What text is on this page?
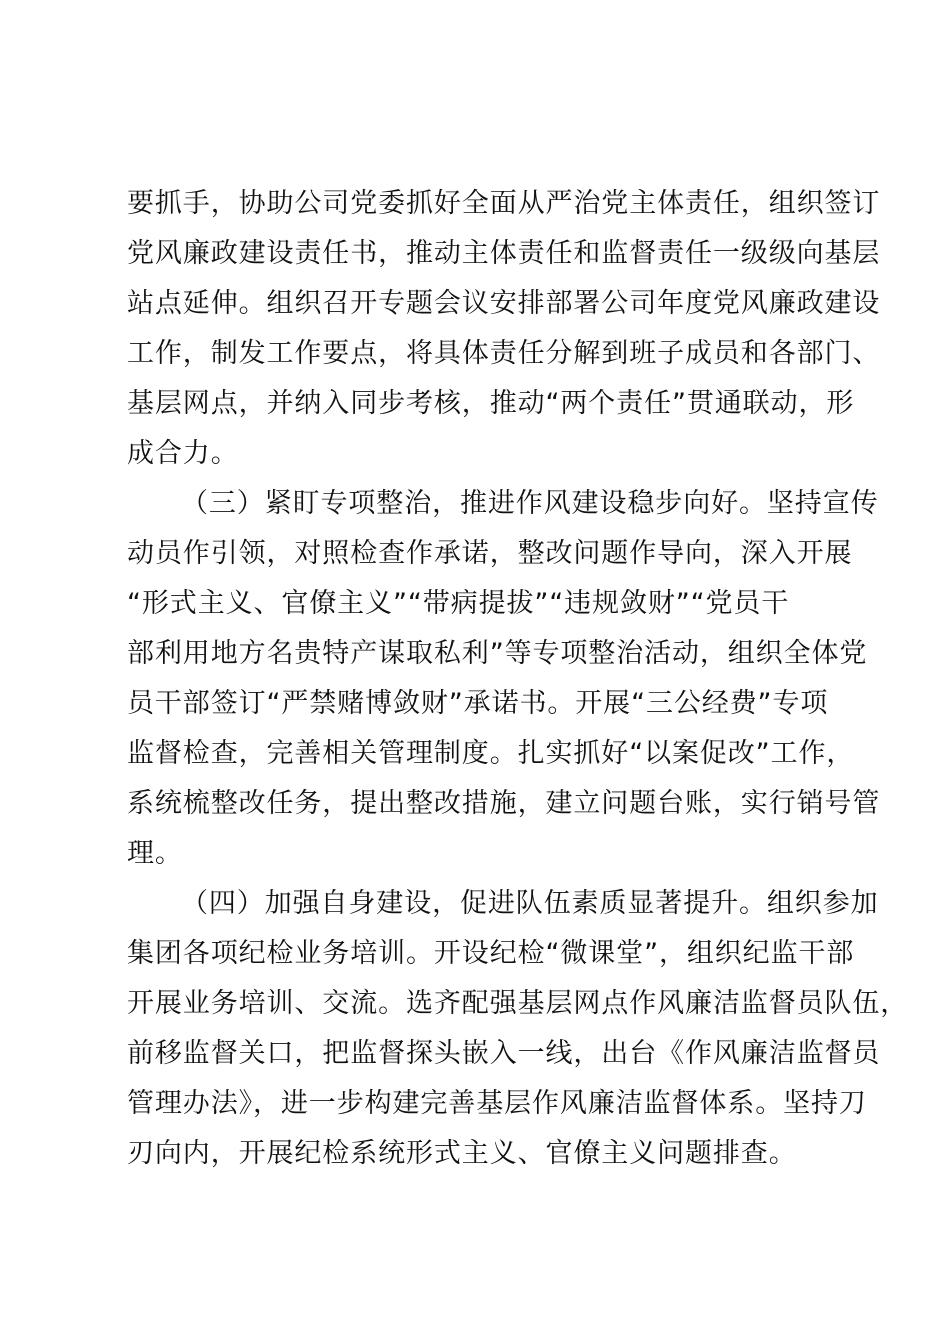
要抓手，协助公司党委抓好全面从严治党主体责任，组织签订
党风廉政建设责任书，推动主体责任和监督责任一级级向基层
站点延伸。组织召开专题会议安排部署公司年度党风廉政建设
工作，制发工作要点，将具体责任分解到班子成员和各部门、
基层网点，并纳入同步考核，推动“两个责任”贯通联动，形
成合力。
（三）紧盯专项整治，推进作风建设稳步向好。坚持宣传
动员作引领，对照检查作承诺，整改问题作导向，深入开展
“形式主义、官僚主义”“带病提拔”“违规敛财”“党员干
部利用地方名贵特产谋取私利”等专项整治活动，组织全体党
员干部签订“严禁赌博敛财”承诺书。开展“三公经费”专项
监督检查，完善相关管理制度。扎实抓好“以案促改”工作，
系统梳整改任务，提出整改措施，建立问题台账，实行销号管
理。
（四）加强自身建设，促进队伍素质显著提升。组织参加
集团各项纪检业务培训。开设纪检“微课堂”，组织纪监干部
开展业务培训、交流。选齐配强基层网点作风廉洁监督员队伍，
前移监督关口，把监督探头嵌入一线，出台《作风廉洁监督员
管理办法》，进一步构建完善基层作风廉洁监督体系。坚持刀
刃向内，开展纪检系统形式主义、官僚主义问题排查。
